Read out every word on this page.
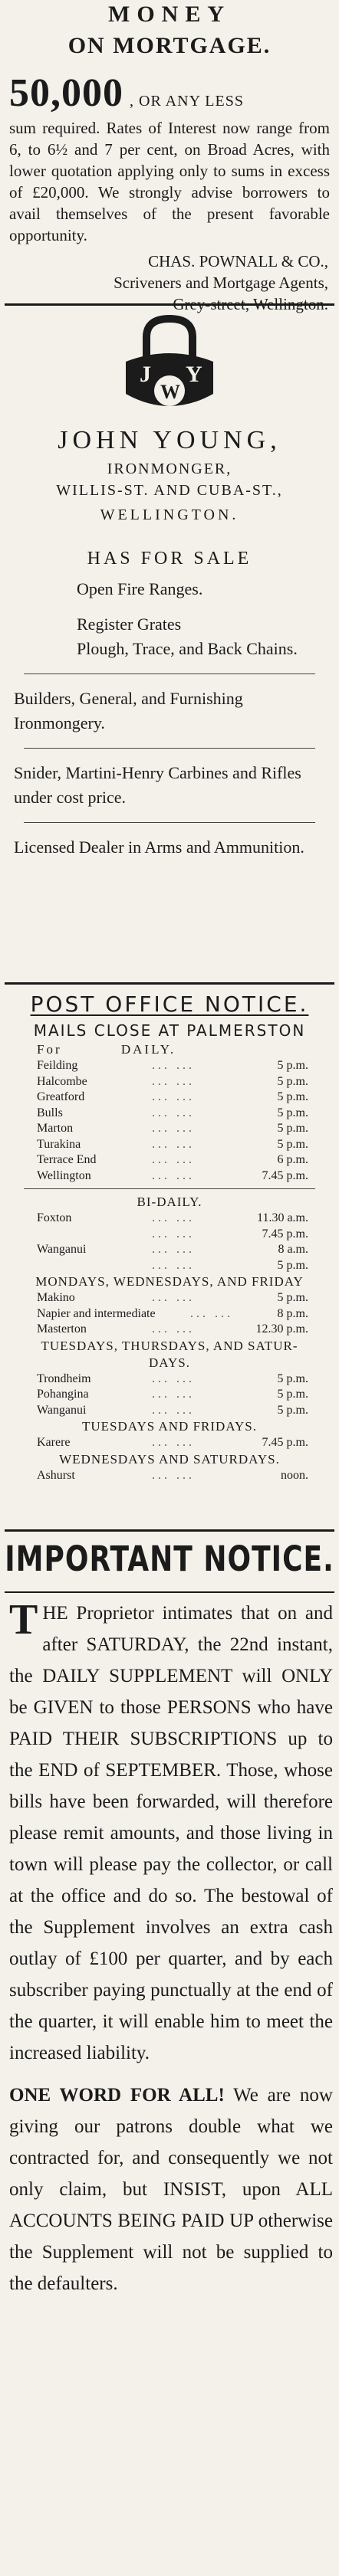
MONEY
ON MORTGAGE.
50,000 , OR ANY LESS

sum required. Rates of Interest now range from 6, to 6½ and 7 per cent, on Broad Acres, with lower quotation applying only to sums in excess of £20,000. We strongly advise borrowers to avail themselves of the present favorable opportunity.

CHAS. POWNALL & CO.,
Scriveners and Mortgage Agents,
Grey-street, Wellington.
J Y
W
JOHN YOUNG,
IRONMONGER,
WILLIS-ST. AND CUBA-ST.,
WELLINGTON.
HAS FOR SALE
Open Fire Ranges.
Register Grates
Plough, Trace, and Back Chains.

Builders, General, and Furnishing Ironmongery.

Snider, Martini-Henry Carbines and Rifles under cost price.

Licensed Dealer in Arms and Ammunition.

POST OFFICE NOTICE.
MAILS CLOSE AT PALMERSTON
For	DAILY.
Feilding	... ...	5 p.m.
Halcombe	... ...	5 p.m.
Greatford	... ...	5 p.m.
Bulls	... ...	5 p.m.
Marton	... ...	5 p.m.
Turakina	... ...	5 p.m.
Terrace End	... ...	6 p.m.
Wellington	... ...	7.45 p.m.
BI-DAILY.
Foxton	... ...	11.30 a.m.
... ...	7.45 p.m.
Wanganui	... ...	8 a.m.
... ...	5 p.m.
MONDAYS, WEDNESDAYS, AND FRIDAY
Makino	... ...	5 p.m.
Napier and intermediate	... ...	8 p.m.
Masterton	... ...	12.30 p.m.
TUESDAYS, THURSDAYS, AND SATUR-
DAYS.
Trondheim	... ...	5 p.m.
Pohangina	... ...	5 p.m.
Wanganui	... ...	5 p.m.
TUESDAYS AND FRIDAYS.
Karere	... ...	7.45 p.m.
WEDNESDAYS AND SATURDAYS.
Ashurst	... ...	noon.
IMPORTANT NOTICE.
T HE Proprietor intimates that on and after SATURDAY, the 22nd instant, the DAILY SUPPLEMENT will ONLY be GIVEN to those PERSONS who have PAID THEIR SUBSCRIPTIONS up to the END of SEPTEMBER. Those, whose bills have been forwarded, will therefore please remit amounts, and those living in town will please pay the collector, or call at the office and do so. The bestowal of the Supplement involves an extra cash outlay of £100 per quarter, and by each subscriber paying punctually at the end of the quarter, it will enable him to meet the increased liability.
ONE WORD FOR ALL! We are now giving our patrons double what we contracted for, and consequently we not only claim, but INSIST, upon ALL ACCOUNTS BEING PAID UP otherwise the Supplement will not be supplied to the defaulters.
